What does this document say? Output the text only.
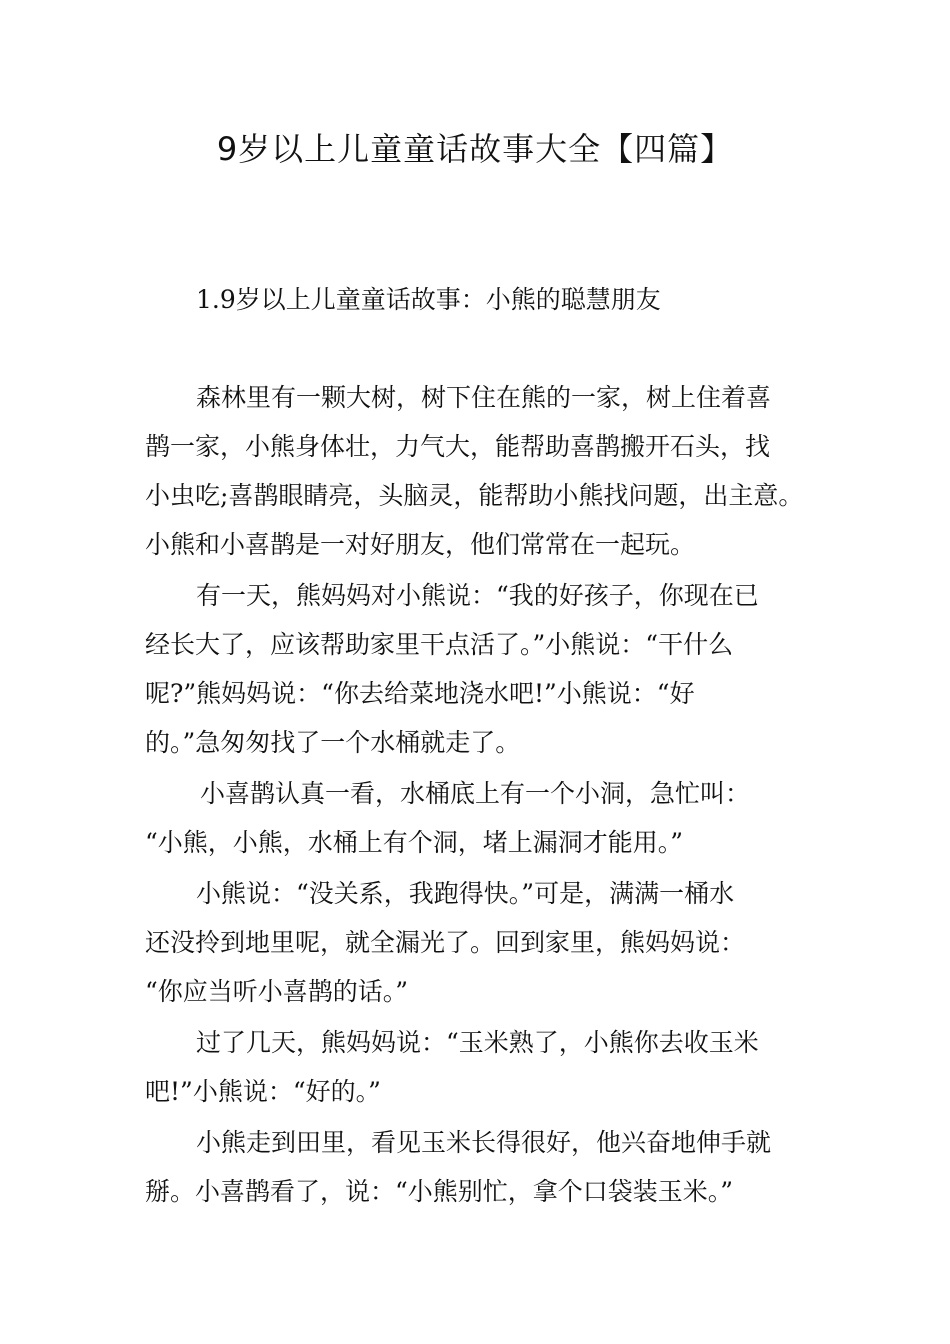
9岁以上儿童童话故事大全【四篇】
1.9岁以上儿童童话故事：小熊的聪慧朋友

森林里有一颗大树，树下住在熊的一家，树上住着喜

鹊一家，小熊身体壮，力气大，能帮助喜鹊搬开石头，找

小虫吃;喜鹊眼睛亮，头脑灵，能帮助小熊找问题，出主意。

小熊和小喜鹊是一对好朋友，他们常常在一起玩。

有一天，熊妈妈对小熊说：“我的好孩子，你现在已

经长大了，应该帮助家里干点活了。”小熊说：“干什么

呢?”熊妈妈说：“你去给菜地浇水吧!”小熊说：“好

的。”急匆匆找了一个水桶就走了。

小喜鹊认真一看，水桶底上有一个小洞，急忙叫：

“小熊，小熊，水桶上有个洞，堵上漏洞才能用。”

小熊说：“没关系，我跑得快。”可是，满满一桶水

还没拎到地里呢，就全漏光了。回到家里，熊妈妈说：

“你应当听小喜鹊的话。”

过了几天，熊妈妈说：“玉米熟了，小熊你去收玉米

吧!”小熊说：“好的。”

小熊走到田里，看见玉米长得很好，他兴奋地伸手就

掰。小喜鹊看了，说：“小熊别忙，拿个口袋装玉米。”
